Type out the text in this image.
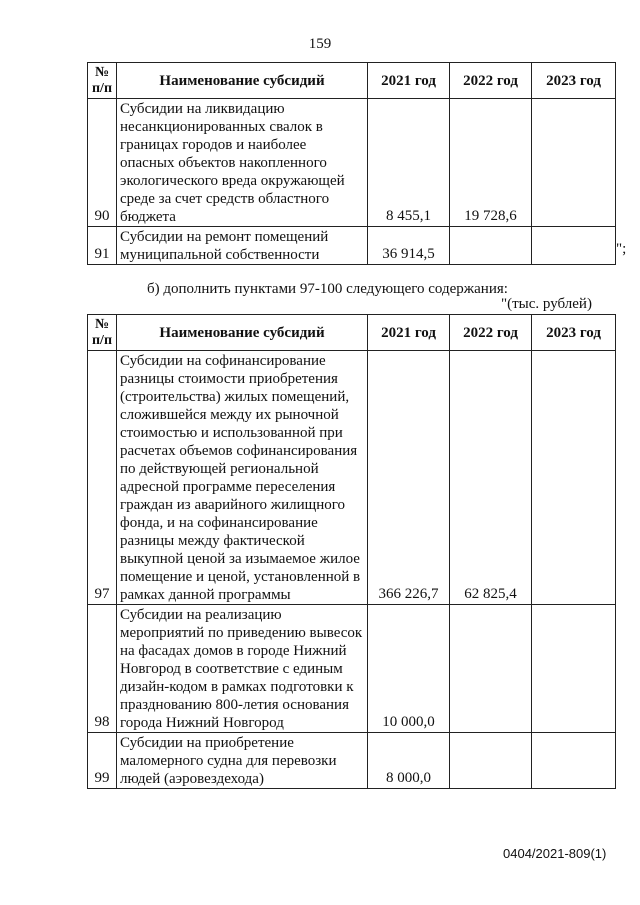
159
№ п/п	Наименование субсидий	2021 год	2022 год	2023 год
90	Субсидии на ликвидацию несанкционированных свалок в границах городов и наиболее опасных объектов накопленного экологического вреда окружающей среде за счет средств областного бюджета	8 455,1	19 728,6	
91	Субсидии на ремонт помещений муниципальной собственности	36 914,5			";
б) дополнить пунктами 97-100 следующего содержания:
"(тыс. рублей)
№ п/п	Наименование субсидий	2021 год	2022 год	2023 год
97	Субсидии на софинансирование разницы стоимости приобретения (строительства) жилых помещений, сложившейся между их рыночной стоимостью и использованной при расчетах объемов софинансирования по действующей региональной адресной программе переселения граждан из аварийного жилищного фонда, и на софинансирование разницы между фактической выкупной ценой за изымаемое жилое помещение и ценой, установленной в рамках данной программы	366 226,7	62 825,4	
98	Субсидии на реализацию мероприятий по приведению вывесок на фасадах домов в городе Нижний Новгород в соответствие с единым дизайн-кодом в рамках подготовки к празднованию 800-летия основания города Нижний Новгород	10 000,0		
99	Субсидии на приобретение маломерного судна для перевозки людей (аэровездехода)	8 000,0		
0404/2021-809(1)
